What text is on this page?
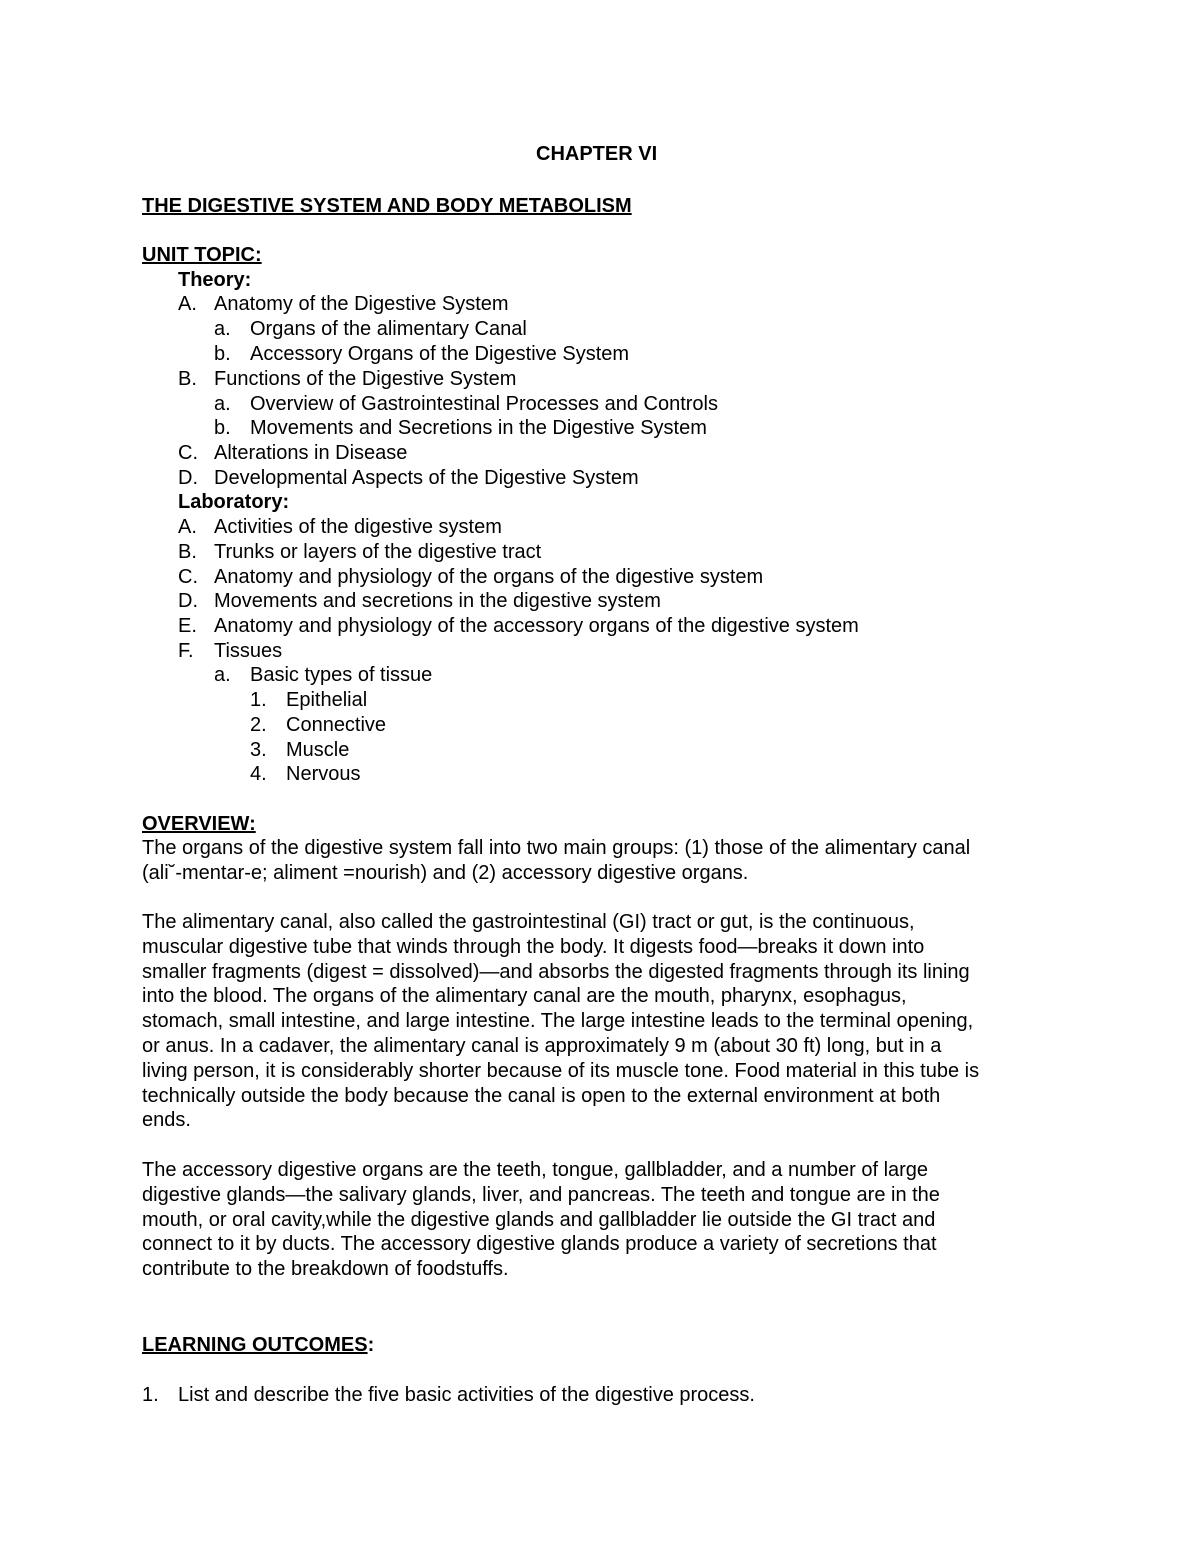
CHAPTER VI
THE DIGESTIVE SYSTEM AND BODY METABOLISM
UNIT TOPIC:
Theory:
A. Anatomy of the Digestive System
a. Organs of the alimentary Canal
b. Accessory Organs of the Digestive System
B. Functions of the Digestive System
a. Overview of Gastrointestinal Processes and Controls
b. Movements and Secretions in the Digestive System
C. Alterations in Disease
D. Developmental Aspects of the Digestive System
Laboratory:
A. Activities of the digestive system
B. Trunks or layers of the digestive tract
C. Anatomy and physiology of the organs of the digestive system
D. Movements and secretions in the digestive system
E. Anatomy and physiology of the accessory organs of the digestive system
F. Tissues
a. Basic types of tissue
1. Epithelial
2. Connective
3. Muscle
4. Nervous
OVERVIEW:
The organs of the digestive system fall into two main groups: (1) those of the alimentary canal
(ali˘-mentar-e; aliment =nourish) and (2) accessory digestive organs.
The alimentary canal, also called the gastrointestinal (GI) tract or gut, is the continuous,
muscular digestive tube that winds through the body. It digests food—breaks it down into
smaller fragments (digest = dissolved)—and absorbs the digested fragments through its lining
into the blood. The organs of the alimentary canal are the mouth, pharynx, esophagus,
stomach, small intestine, and large intestine. The large intestine leads to the terminal opening,
or anus. In a cadaver, the alimentary canal is approximately 9 m (about 30 ft) long, but in a
living person, it is considerably shorter because of its muscle tone. Food material in this tube is
technically outside the body because the canal is open to the external environment at both
ends.
The accessory digestive organs are the teeth, tongue, gallbladder, and a number of large
digestive glands—the salivary glands, liver, and pancreas. The teeth and tongue are in the
mouth, or oral cavity,while the digestive glands and gallbladder lie outside the GI tract and
connect to it by ducts. The accessory digestive glands produce a variety of secretions that
contribute to the breakdown of foodstuffs.
LEARNING OUTCOMES:
1. List and describe the five basic activities of the digestive process.
